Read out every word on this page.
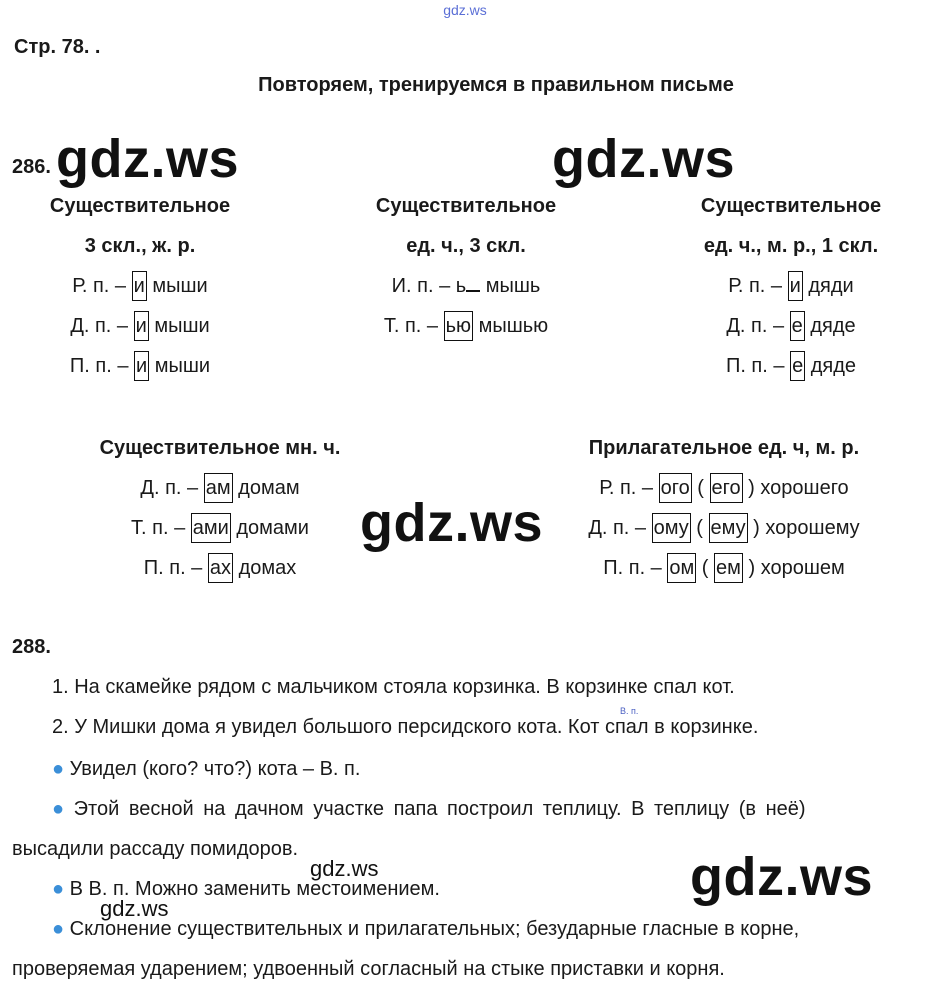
gdz.ws
Стр. 78. .
Повторяем, тренируемся в правильном письме
286. gdz.ws	gdz.ws
Существительное
3 скл., ж. р.
Р. п. – и мыши
Д. п. – и мыши
П. п. – и мыши
Существительное
ед. ч., 3 скл.
И. п. – ь мышь
Т. п. – ью мышью
Существительное
ед. ч., м. р., 1 скл.
Р. п. – и дяди
Д. п. – е дяде
П. п. – е дяде
Существительное мн. ч.
Д. п. – ам домам
Т. п. – ами домами
П. п. – ах домах
Прилагательное ед. ч, м. р.
Р. п. – ого ( его ) хорошего
Д. п. – ому ( ему ) хорошему
П. п. – ом ( ем ) хорошем
gdz.ws
288.
1. На скамейке рядом с мальчиком стояла корзинка. В корзинке спал кот.
В. п.
2. У Мишки дома я увидел большого персидского кота. Кот спал в корзинке.
● Увидел (кого? что?) кота – В. п.
● Этой весной на дачном участке папа построил теплицу. В теплицу (в неё)
высадили рассаду помидоров.
gdz.ws	gdz.ws
● В В. п. Можно заменить местоимением.
gdz.ws
● Склонение существительных и прилагательных; безударные гласные в корне,
проверяемая ударением; удвоенный согласный на стыке приставки и корня.
